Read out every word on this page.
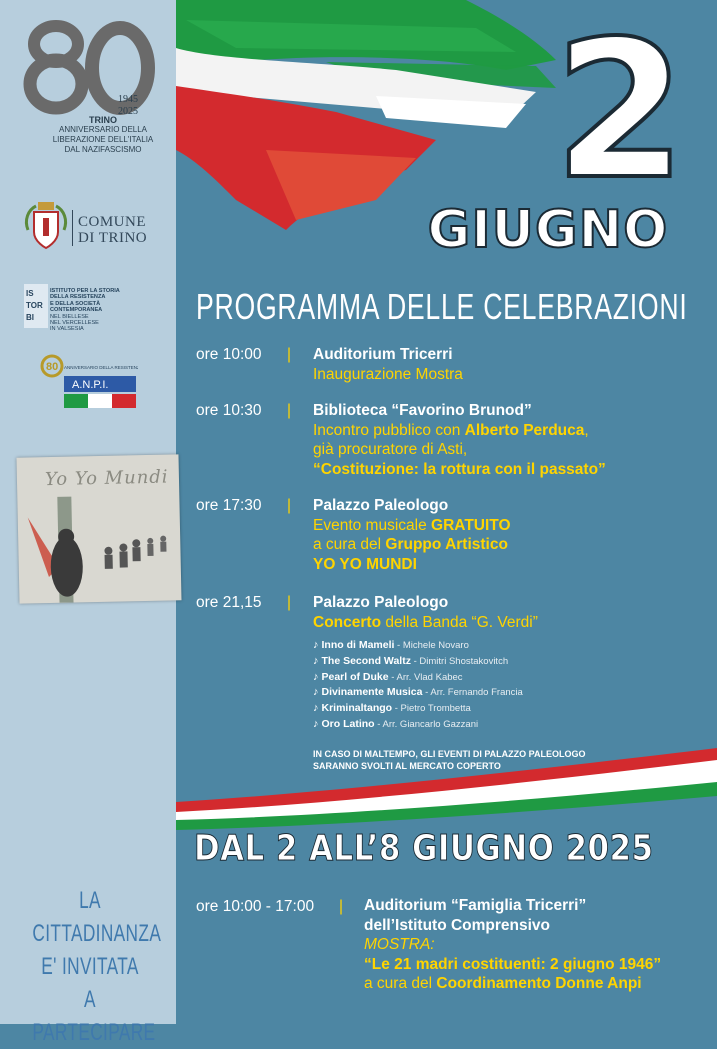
1945
2025
TRINO
ANNIVERSARIO DELLA
LIBERAZIONE DELL'ITALIA
DAL NAZIFASCISMO
COMUNE
DI TRINO
IS
TOR
BI
ISTITUTO PER LA STORIA
DELLA RESISTENZA
E DELLA SOCIETÀ
CONTEMPORANEA
NEL BIELLESE
NEL VERCELLESE
IN VALSESIA
80 ANNIVERSARIO DELLA RESISTENZA
A.N.P.I.
Yo Yo Mundi
LA CITTADINANZA
E' INVITATA
A PARTECIPARE
2
GIUGNO
PROGRAMMA DELLE CELEBRAZIONI
ore 10:00	| Auditorium Tricerri
Inaugurazione Mostra
ore 10:30	| Biblioteca “Favorino Brunod”
Incontro pubblico con Alberto Perduca,
già procuratore di Asti,
“Costituzione: la rottura con il passato”
ore 17:30	| Palazzo Paleologo
Evento musicale GRATUITO
a cura del Gruppo Artistico
YO YO MUNDI
ore 21,15	| Palazzo Paleologo
Concerto della Banda “G. Verdi”
♪ Inno di Mameli - Michele Novaro
♪ The Second Waltz - Dimitri Shostakovitch
♪ Pearl of Duke - Arr. Vlad Kabec
♪ Divinamente Musica - Arr. Fernando Francia
♪ Kriminaltango - Pietro Trombetta
♪ Oro Latino - Arr. Giancarlo Gazzani
IN CASO DI MALTEMPO, GLI EVENTI DI PALAZZO PALEOLOGO
SARANNO SVOLTI AL MERCATO COPERTO
DAL 2 ALL’8 GIUGNO 2025
ore 10:00 - 17:00 | Auditorium “Famiglia Tricerri”
dell’Istituto Comprensivo
MOSTRA:
“Le 21 madri costituenti: 2 giugno 1946”
a cura del Coordinamento Donne Anpi
